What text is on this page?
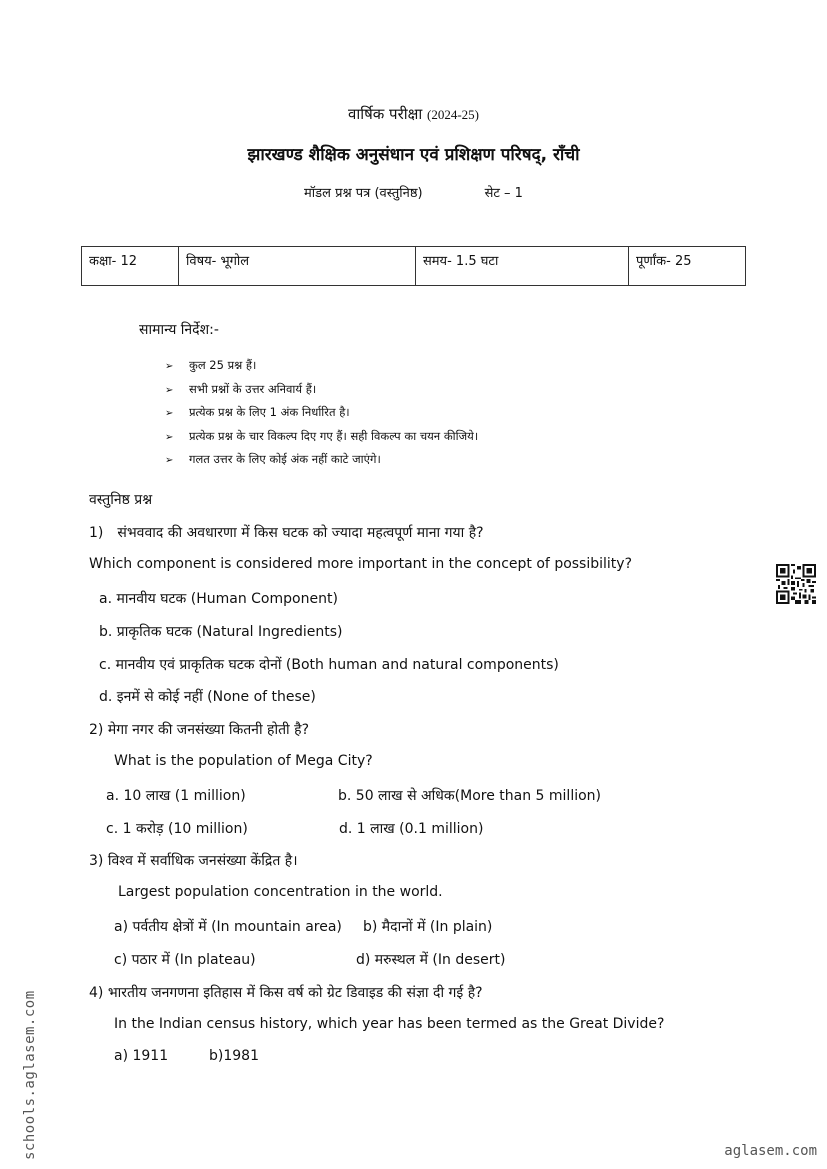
वार्षिक परीक्षा (2024-25)
झारखण्ड शैक्षिक अनुसंधान एवं प्रशिक्षण परिषद्, राँची
मॉडल प्रश्न पत्र (वस्तुनिष्ठ)	सेट – 1
कक्षा- 12	विषय- भूगोल	समय- 1.5 घटा	पूर्णांक- 25
सामान्य निर्देश:-
➢ कुल 25 प्रश्न हैं।
➢ सभी प्रश्नों के उत्तर अनिवार्य हैं।
➢ प्रत्येक प्रश्न के लिए 1 अंक निर्धारित है।
➢ प्रत्येक प्रश्न के चार विकल्प दिए गए हैं। सही विकल्प का चयन कीजिये।
➢ गलत उत्तर के लिए कोई अंक नहीं काटे जाएंगे।
वस्तुनिष्ठ प्रश्न
1) संभववाद की अवधारणा में किस घटक को ज्यादा महत्वपूर्ण माना गया है?
Which component is considered more important in the concept of possibility?
a. मानवीय घटक (Human Component)
b. प्राकृतिक घटक (Natural Ingredients)
c. मानवीय एवं प्राकृतिक घटक दोनों (Both human and natural components)
d. इनमें से कोई नहीं (None of these)
2) मेगा नगर की जनसंख्या कितनी होती है?
What is the population of Mega City?
a. 10 लाख (1 million)	b. 50 लाख से अधिक(More than 5 million)
c. 1 करोड़ (10 million)	d. 1 लाख (0.1 million)
3) विश्व में सर्वाधिक जनसंख्या केंद्रित है।
Largest population concentration in the world.
a) पर्वतीय क्षेत्रों में (In mountain area) b) मैदानों में (In plain)
c) पठार में (In plateau)	d) मरुस्थल में (In desert)
4) भारतीय जनगणना इतिहास में किस वर्ष को ग्रेट डिवाइड की संज्ञा दी गई है?
In the Indian census history, which year has been termed as the Great Divide?
a) 1911	b)1981
schools.aglasem.com	aglasem.com
